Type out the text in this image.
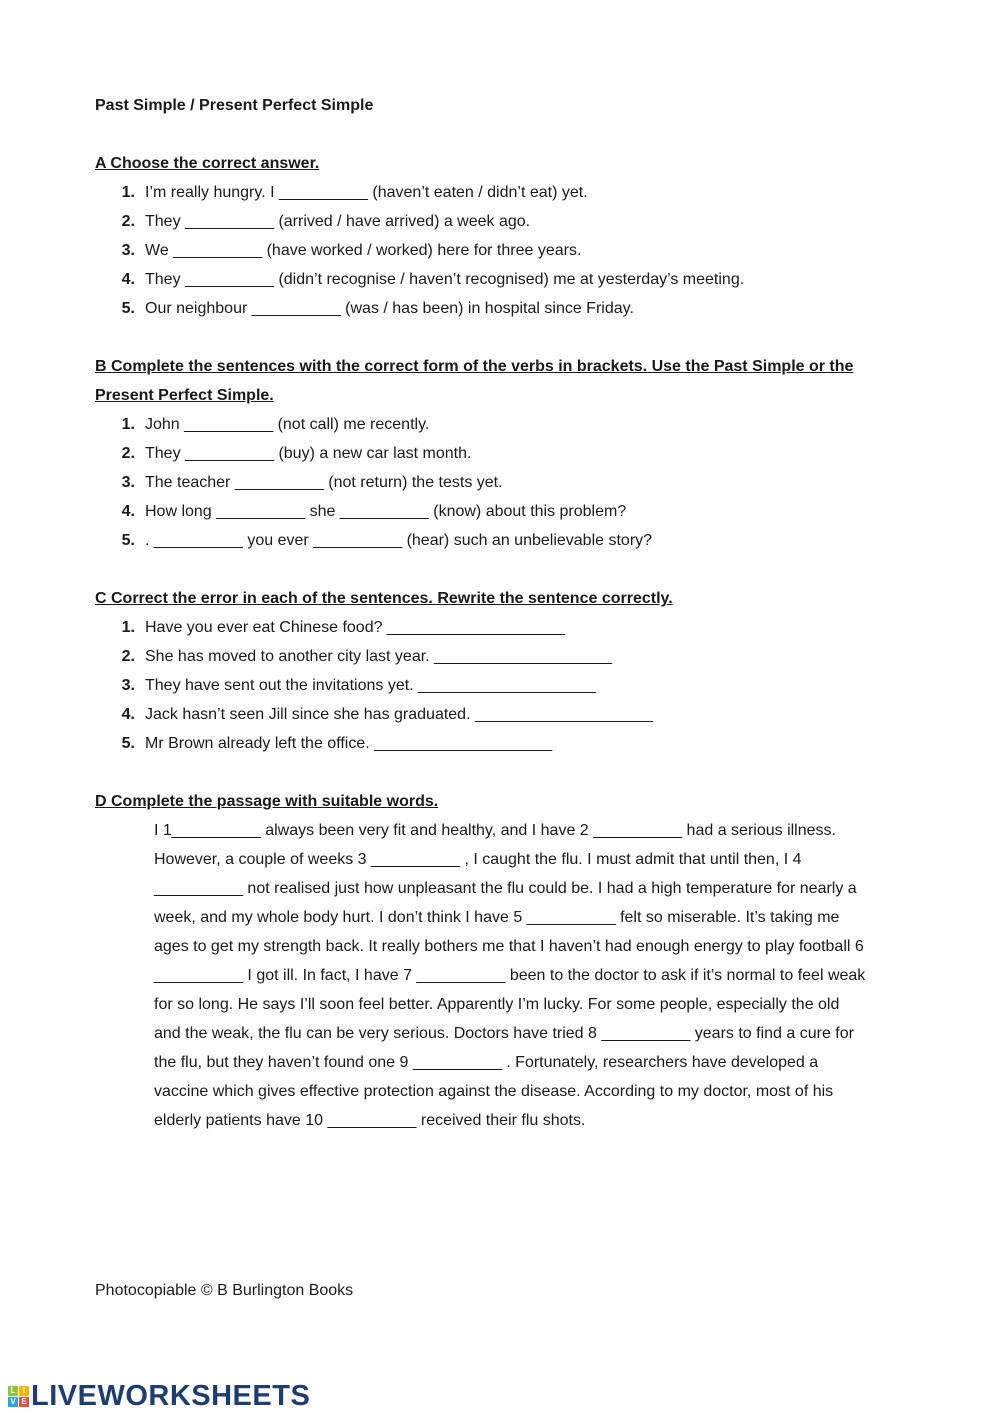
Past Simple / Present Perfect Simple
A Choose the correct answer.
1. I’m really hungry. I __________ (haven’t eaten / didn’t eat) yet.
2. They __________ (arrived / have arrived) a week ago.
3. We __________ (have worked / worked) here for three years.
4. They __________ (didn’t recognise / haven’t recognised) me at yesterday’s meeting.
5. Our neighbour __________ (was / has been) in hospital since Friday.
B Complete the sentences with the correct form of the verbs in brackets. Use the Past Simple or the
Present Perfect Simple.
1. John __________ (not call) me recently.
2. They __________ (buy) a new car last month.
3. The teacher __________ (not return) the tests yet.
4. How long __________ she __________ (know) about this problem?
5. . __________ you ever __________ (hear) such an unbelievable story?
C Correct the error in each of the sentences. Rewrite the sentence correctly.
1. Have you ever eat Chinese food? ____________________
2. She has moved to another city last year. ____________________
3. They have sent out the invitations yet. ____________________
4. Jack hasn’t seen Jill since she has graduated. ____________________
5. Mr Brown already left the office. ____________________
D Complete the passage with suitable words.
I 1__________ always been very fit and healthy, and I have 2 __________ had a serious illness.
However, a couple of weeks 3 __________ , I caught the flu. I must admit that until then, I 4
__________ not realised just how unpleasant the flu could be. I had a high temperature for nearly a
week, and my whole body hurt. I don’t think I have 5 __________ felt so miserable. It’s taking me
ages to get my strength back. It really bothers me that I haven’t had enough energy to play football 6
__________ I got ill. In fact, I have 7 __________ been to the doctor to ask if it’s normal to feel weak
for so long. He says I’ll soon feel better. Apparently I’m lucky. For some people, especially the old
and the weak, the flu can be very serious. Doctors have tried 8 __________ years to find a cure for
the flu, but they haven’t found one 9 __________ . Fortunately, researchers have developed a
vaccine which gives effective protection against the disease. According to my doctor, most of his
elderly patients have 10 __________ received their flu shots.
Photocopiable © B Burlington Books
L I
V E LIVEWORKSHEETS
